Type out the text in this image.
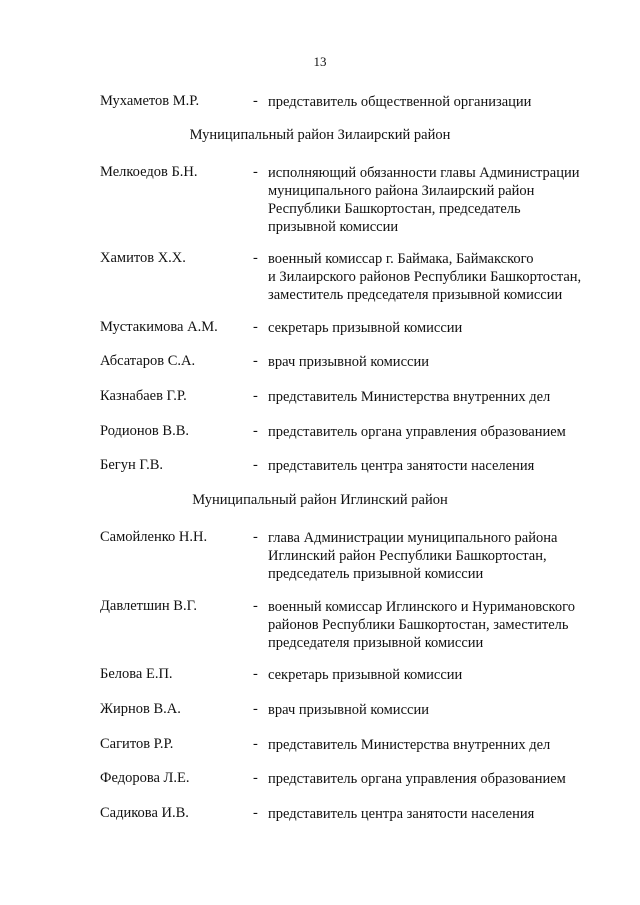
13
Мухаметов М.Р.	- представитель общественной организации
Муниципальный район Зилаирский район
Мелкоедов Б.Н.	- исполняющий обязанности главы Администрации
муниципального района Зилаирский район
Республики Башкортостан, председатель
призывной комиссии
Хамитов Х.Х.	- военный комиссар г. Баймака, Баймакского
и Зилаирского районов Республики Башкортостан,
заместитель председателя призывной комиссии
Мустакимова А.М. - секретарь призывной комиссии
Абсатаров С.А.	- врач призывной комиссии
Казнабаев Г.Р.	- представитель Министерства внутренних дел
Родионов В.В.	- представитель органа управления образованием
Бегун Г.В.	- представитель центра занятости населения
Муниципальный район Иглинский район
Самойленко Н.Н.	- глава Администрации муниципального района
Иглинский район Республики Башкортостан,
председатель призывной комиссии
Давлетшин В.Г.	- военный комиссар Иглинского и Нуримановского
районов Республики Башкортостан, заместитель
председателя призывной комиссии
Белова Е.П.	- секретарь призывной комиссии
Жирнов В.А.	- врач призывной комиссии
Сагитов Р.Р.	- представитель Министерства внутренних дел
Федорова Л.Е.	- представитель органа управления образованием
Садикова И.В.	- представитель центра занятости населения
